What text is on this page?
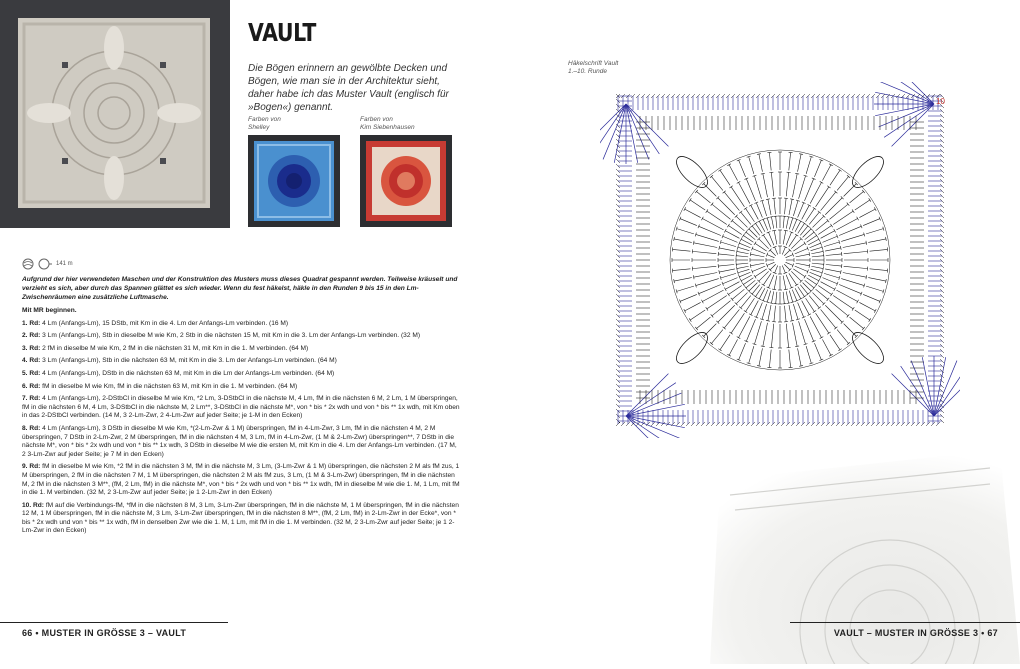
VAULT
Die Bögen erinnern an gewölbte Decken und Bögen, wie man sie in der Architektur sieht, daher habe ich das Muster Vault (englisch für »Bogen«) genannt.
Farben von
Shelley
Farben von
Kim Siebenhausen
141 m
Aufgrund der hier verwendeten Maschen und der Konstruktion des Musters muss dieses Quadrat gespannt werden. Teilweise kräuselt und verzieht es sich, aber durch das Spannen glättet es sich wieder. Wenn du fest häkelst, häkle in den Runden 9 bis 15 in den Lm-Zwischenräumen eine zusätzliche Luftmasche.

Mit MR beginnen.

1. Rd: 4 Lm (Anfangs-Lm), 15 DStb, mit Km in die 4. Lm der Anfangs-Lm verbinden. (16 M)

2. Rd: 3 Lm (Anfangs-Lm), Stb in dieselbe M wie Km, 2 Stb in die nächsten 15 M, mit Km in die 3. Lm der Anfangs-Lm verbinden. (32 M)

3. Rd: 2 fM in dieselbe M wie Km, 2 fM in die nächsten 31 M, mit Km in die 1. M verbinden. (64 M)

4. Rd: 3 Lm (Anfangs-Lm), Stb in die nächsten 63 M, mit Km in die 3. Lm der Anfangs-Lm verbinden. (64 M)

5. Rd: 4 Lm (Anfangs-Lm), DStb in die nächsten 63 M, mit Km in die Lm der Anfangs-Lm verbinden. (64 M)

6. Rd: fM in dieselbe M wie Km, fM in die nächsten 63 M, mit Km in die 1. M verbinden. (64 M)

7. Rd: 4 Lm (Anfangs-Lm), 2-DStbCl in dieselbe M wie Km, *2 Lm, 3-DStbCl in die nächste M, 4 Lm, fM in die nächsten 6 M, 2 Lm, 1 M überspringen, fM in die nächsten 6 M, 4 Lm, 3-DStbCl in die nächste M, 2 Lm**, 3-DStbCl in die nächste M*, von * bis * 2x wdh und von * bis ** 1x wdh, mit Km oben in das 2-DStbCl verbinden. (14 M, 3 2-Lm-Zwr, 2 4-Lm-Zwr auf jeder Seite; je 1-M in den Ecken)

8. Rd: 4 Lm (Anfangs-Lm), 3 DStb in dieselbe M wie Km, *(2-Lm-Zwr & 1 M) überspringen, fM in 4-Lm-Zwr, 3 Lm, fM in die nächsten 4 M, 2 M überspringen, 7 DStb in 2-Lm-Zwr, 2 M überspringen, fM in die nächsten 4 M, 3 Lm, fM in 4-Lm-Zwr, (1 M & 2-Lm-Zwr) überspringen**, 7 DStb in die nächste M*, von * bis * 2x wdh und von * bis ** 1x wdh, 3 DStb in dieselbe M wie die ersten M, mit Km in die 4. Lm der Anfangs-Lm verbinden. (17 M, 2 3-Lm-Zwr auf jeder Seite; je 7 M in den Ecken)

9. Rd: fM in dieselbe M wie Km, *2 fM in die nächsten 3 M, fM in die nächste M, 3 Lm, (3-Lm-Zwr & 1 M) überspringen, die nächsten 2 M als fM zus, 1 M überspringen, 2 fM in die nächsten 7 M, 1 M überspringen, die nächsten 2 M als fM zus, 3 Lm, (1 M & 3-Lm-Zwr) überspringen, fM in die nächsten M, 2 fM in die nächsten 3 M**, (fM, 2 Lm, fM) in die nächste M*, von * bis * 2x wdh und von * bis ** 1x wdh, fM in dieselbe M wie die 1. M, 1 Lm, mit fM in die 1. M verbinden. (32 M, 2 3-Lm-Zwr auf jeder Seite; je 1 2-Lm-Zwr in den Ecken)

10. Rd: fM auf die Verbindungs-fM, *fM in die nächsten 8 M, 3 Lm, 3-Lm-Zwr überspringen, fM in die nächste M, 1 M überspringen, fM in die nächsten 12 M, 1 M überspringen, fM in die nächste M, 3 Lm, 3-Lm-Zwr überspringen, fM in die nächsten 8 M**, (fM, 2 Lm, fM) in 2-Lm-Zwr in der Ecke*, von * bis * 2x wdh und von * bis ** 1x wdh, fM in denselben Zwr wie die 1. M, 1 Lm, mit fM in die 1. M verbinden. (32 M, 2 3-Lm-Zwr auf jeder Seite; je 1 2-Lm-Zwr in den Ecken)

66 • MUSTER IN GRÖSSE 3 – VAULT
Häkelschrift Vault
1.–10. Runde
10
VAULT – MUSTER IN GRÖSSE 3 • 67
